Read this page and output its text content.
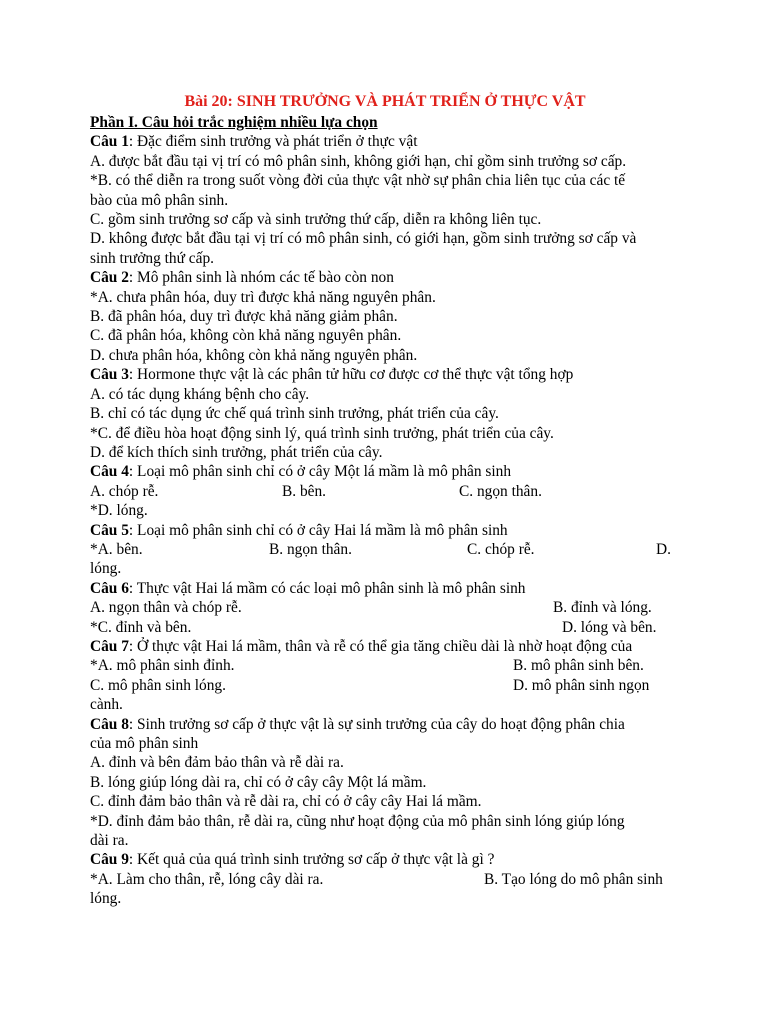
Bài 20: SINH TRƯỞNG VÀ PHÁT TRIỂN Ở THỰC VẬT
Phần I. Câu hỏi trắc nghiệm nhiều lựa chọn
Câu 1: Đặc điểm sinh trưởng và phát triển ở thực vật
A. được bắt đầu tại vị trí có mô phân sinh, không giới hạn, chỉ gồm sinh trưởng sơ cấp.
*B. có thể diễn ra trong suốt vòng đời của thực vật nhờ sự phân chia liên tục của các tế
bào của mô phân sinh.
C. gồm sinh trưởng sơ cấp và sinh trưởng thứ cấp, diễn ra không liên tục.
D. không được bắt đầu tại vị trí có mô phân sinh, có giới hạn, gồm sinh trưởng sơ cấp và
sinh trưởng thứ cấp.
Câu 2: Mô phân sinh là nhóm các tế bào còn non
*A. chưa phân hóa, duy trì được khả năng nguyên phân.
B. đã phân hóa, duy trì được khả năng giảm phân.
C. đã phân hóa, không còn khả năng nguyên phân.
D. chưa phân hóa, không còn khả năng nguyên phân.
Câu 3: Hormone thực vật là các phân tử hữu cơ được cơ thể thực vật tổng hợp
A. có tác dụng kháng bệnh cho cây.
B. chỉ có tác dụng ức chế quá trình sinh trưởng, phát triển của cây.
*C. để điều hòa hoạt động sinh lý, quá trình sinh trưởng, phát triển của cây.
D. để kích thích sinh trưởng, phát triển của cây.
Câu 4: Loại mô phân sinh chỉ có ở cây Một lá mầm là mô phân sinh
A. chóp rễ.	B. bên.	C. ngọn thân.
*D. lóng.
Câu 5: Loại mô phân sinh chỉ có ở cây Hai lá mầm là mô phân sinh
*A. bên.	B. ngọn thân.	C. chóp rễ.	D.
lóng.
Câu 6: Thực vật Hai lá mầm có các loại mô phân sinh là mô phân sinh
A. ngọn thân và chóp rễ.	B. đỉnh và lóng.
*C. đỉnh và bên.	D. lóng và bên.
Câu 7: Ở thực vật Hai lá mầm, thân và rễ có thể gia tăng chiều dài là nhờ hoạt động của
*A. mô phân sinh đỉnh.	B. mô phân sinh bên.
C. mô phân sinh lóng.	D. mô phân sinh ngọn
cành.
Câu 8: Sinh trưởng sơ cấp ở thực vật là sự sinh trưởng của cây do hoạt động phân chia
của mô phân sinh
A. đỉnh và bên đảm bảo thân và rễ dài ra.
B. lóng giúp lóng dài ra, chỉ có ở cây cây Một lá mầm.
C. đỉnh đảm bảo thân và rễ dài ra, chỉ có ở cây cây Hai lá mầm.
*D. đỉnh đảm bảo thân, rễ dài ra, cũng như hoạt động của mô phân sinh lóng giúp lóng
dài ra.
Câu 9: Kết quả của quá trình sinh trưởng sơ cấp ở thực vật là gì ?
*A. Làm cho thân, rễ, lóng cây dài ra.	B. Tạo lóng do mô phân sinh
lóng.
